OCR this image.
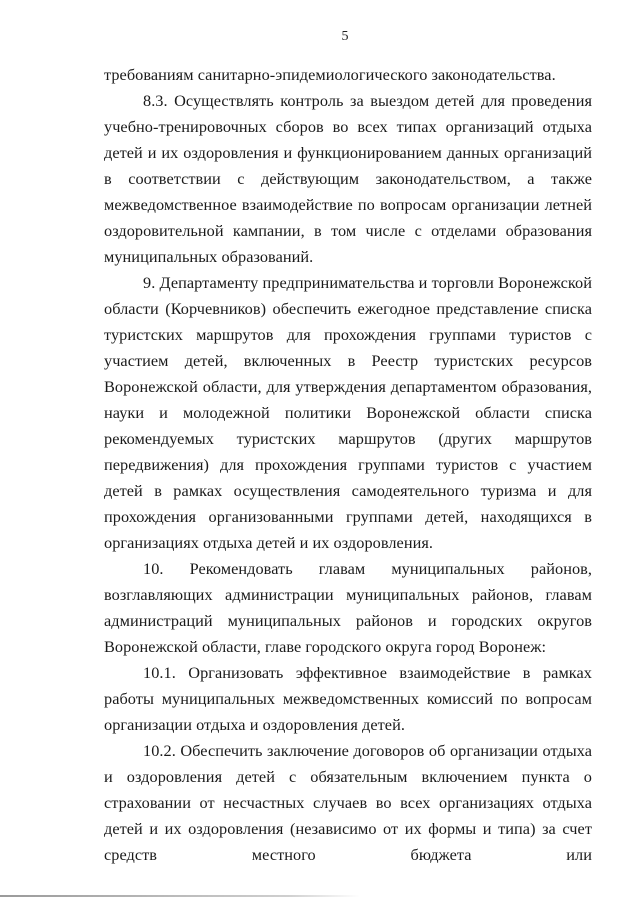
5

требованиям санитарно-эпидемиологического законодательства.

8.3. Осуществлять контроль за выездом детей для проведения учебно-тренировочных сборов во всех типах организаций отдыха детей и их оздоровления и функционированием данных организаций в соответствии с действующим законодательством, а также межведомственное взаимодействие по вопросам организации летней оздоровительной кампании, в том числе с отделами образования муниципальных образований.

9. Департаменту предпринимательства и торговли Воронежской области (Корчевников) обеспечить ежегодное представление списка туристских маршрутов для прохождения группами туристов с участием детей, включенных в Реестр туристских ресурсов Воронежской области, для утверждения департаментом образования, науки и молодежной политики Воронежской области списка рекомендуемых туристских маршрутов (других маршрутов передвижения) для прохождения группами туристов с участием детей в рамках осуществления самодеятельного туризма и для прохождения организованными группами детей, находящихся в организациях отдыха детей и их оздоровления.

10. Рекомендовать главам муниципальных районов, возглавляющих администрации муниципальных районов, главам администраций муниципальных районов и городских округов Воронежской области, главе городского округа город Воронеж:

10.1. Организовать эффективное взаимодействие в рамках работы муниципальных межведомственных комиссий по вопросам организации отдыха и оздоровления детей.

10.2. Обеспечить заключение договоров об организации отдыха и оздоровления детей с обязательным включением пункта о страховании от несчастных случаев во всех организациях отдыха детей и их оздоровления (независимо от их формы и типа) за счет средств местного бюджета или
